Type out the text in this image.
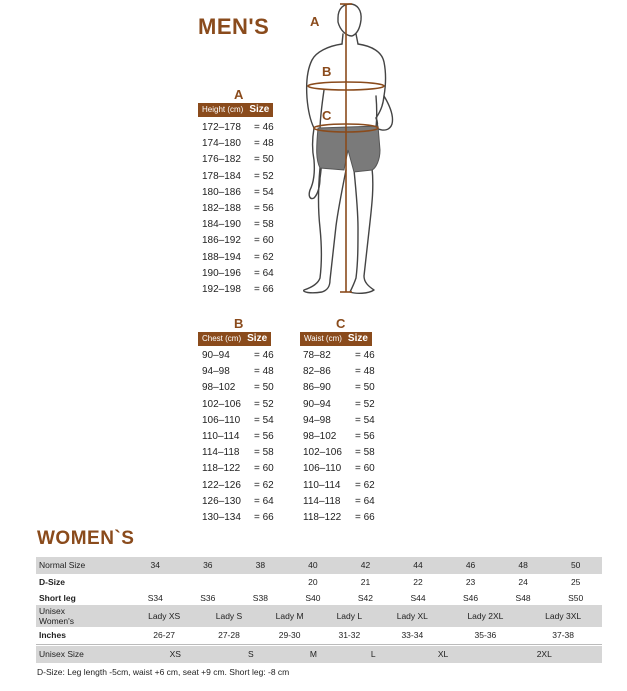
MEN'S	A
B
C
A
Height (cm) Size
172–178	= 46
174–180	= 48
176–182	= 50
178–184	= 52
180–186	= 54
182–188	= 56
184–190	= 58
186–192	= 60
188–194	= 62
190–196	= 64
192–198	= 66
B
Chest (cm) Size
90–94	= 46
94–98	= 48
98–102	= 50
102–106	= 52
106–110	= 54
110–114	= 56
114–118	= 58
118–122	= 60
122–126	= 62
126–130	= 64
130–134	= 66
C
Waist (cm) Size
78–82	= 46
82–86	= 48
86–90	= 50
90–94	= 52
94–98	= 54
98–102	= 56
102–106	= 58
106–110	= 60
110–114	= 62
114–118	= 64
118–122	= 66
WOMEN`S
Normal Size	34	36	38	40	42	44	46	48	50
D-Size				20	21	22	23	24	25
Short leg	S34	S36	S38	S40	S42	S44	S46	S48	S50
Unisex
Women's	Lady XS	Lady S	Lady M	Lady L	Lady XL	Lady 2XL	Lady 3XL
Inches	26-27	27-28	29-30	31-32	33-34	35-36	37-38
Unisex Size	XS	S	M	L	XL	2XL
D-Size: Leg length -5cm, waist +6 cm, seat +9 cm. Short leg: -8 cm
